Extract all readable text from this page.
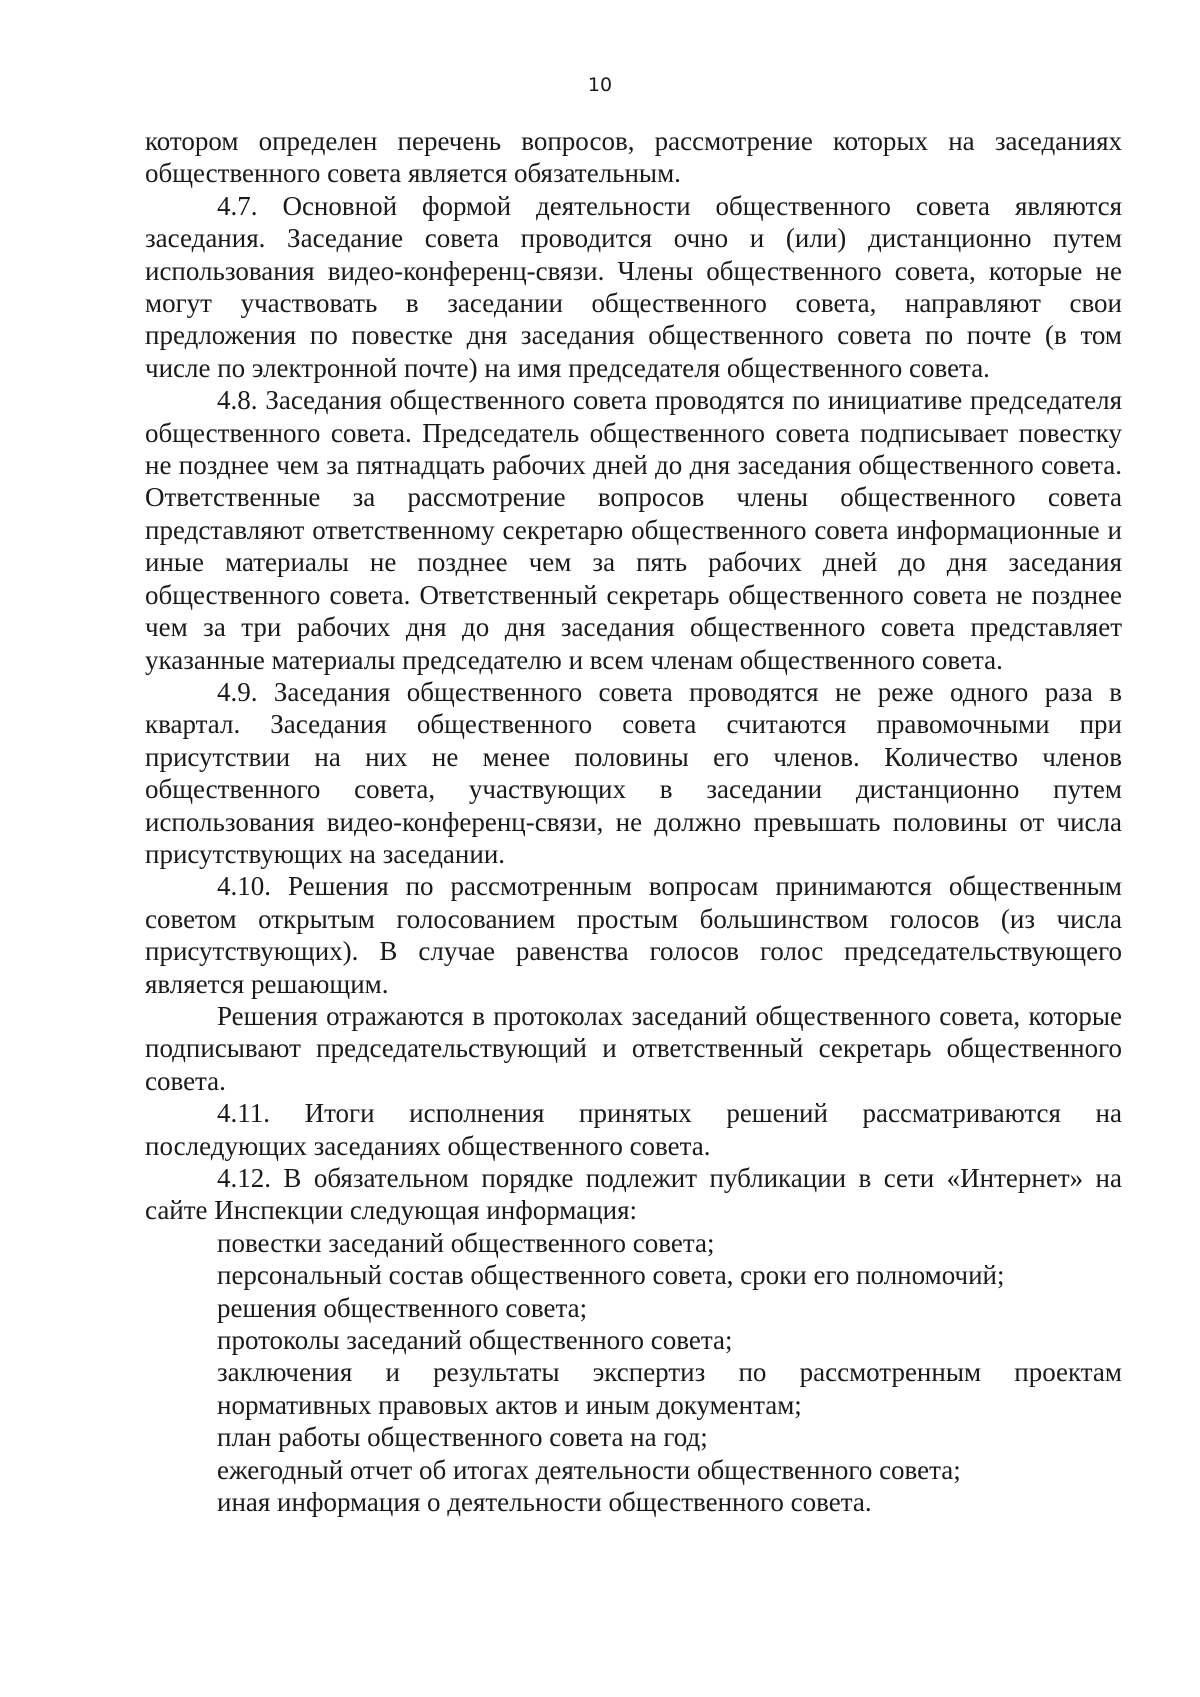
10

котором определен перечень вопросов, рассмотрение которых на заседаниях общественного совета является обязательным.

4.7. Основной формой деятельности общественного совета являются заседания. Заседание совета проводится очно и (или) дистанционно путем использования видео-конференц-связи. Члены общественного совета, которые не могут участвовать в заседании общественного совета, направляют свои предложения по повестке дня заседания общественного совета по почте (в том числе по электронной почте) на имя председателя общественного совета.

4.8. Заседания общественного совета проводятся по инициативе председателя общественного совета. Председатель общественного совета подписывает повестку не позднее чем за пятнадцать рабочих дней до дня заседания общественного совета. Ответственные за рассмотрение вопросов члены общественного совета представляют ответственному секретарю общественного совета информационные и иные материалы не позднее чем за пять рабочих дней до дня заседания общественного совета. Ответственный секретарь общественного совета не позднее чем за три рабочих дня до дня заседания общественного совета представляет указанные материалы председателю и всем членам общественного совета.

4.9. Заседания общественного совета проводятся не реже одного раза в квартал. Заседания общественного совета считаются правомочными при присутствии на них не менее половины его членов. Количество членов общественного совета, участвующих в заседании дистанционно путем использования видео-конференц-связи, не должно превышать половины от числа присутствующих на заседании.

4.10. Решения по рассмотренным вопросам принимаются общественным советом открытым голосованием простым большинством голосов (из числа присутствующих). В случае равенства голосов голос председательствующего является решающим.

Решения отражаются в протоколах заседаний общественного совета, которые подписывают председательствующий и ответственный секретарь общественного совета.

4.11. Итоги исполнения принятых решений рассматриваются на последующих заседаниях общественного совета.

4.12. В обязательном порядке подлежит публикации в сети «Интернет» на сайте Инспекции следующая информация:

повестки заседаний общественного совета;

персональный состав общественного совета, сроки его полномочий;

решения общественного совета;

протоколы заседаний общественного совета;

заключения и результаты экспертиз по рассмотренным проектам нормативных правовых актов и иным документам;

план работы общественного совета на год;

ежегодный отчет об итогах деятельности общественного совета;

иная информация о деятельности общественного совета.
